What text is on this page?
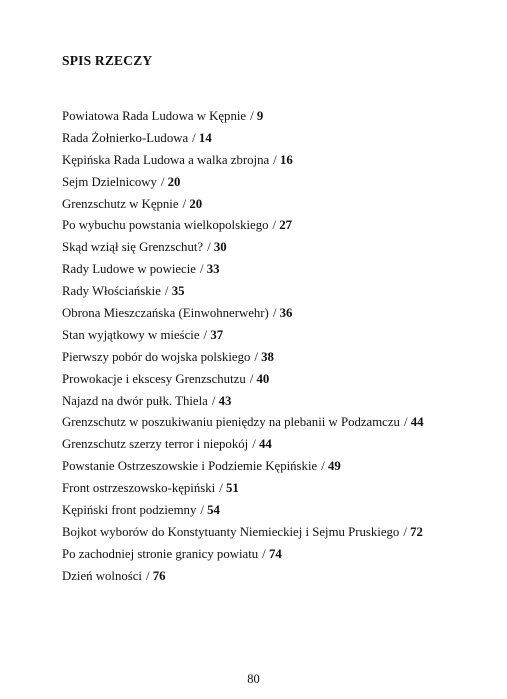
SPIS RZECZY
Powiatowa Rada Ludowa w Kępnie / 9
Rada Żołnierko-Ludowa / 14
Kępińska Rada Ludowa a walka zbrojna / 16
Sejm Dzielnicowy / 20
Grenzschutz w Kępnie / 20
Po wybuchu powstania wielkopolskiego / 27
Skąd wziął się Grenzschut? / 30
Rady Ludowe w powiecie / 33
Rady Włościańskie / 35
Obrona Mieszczańska (Einwohnerwehr) / 36
Stan wyjątkowy w mieście / 37
Pierwszy pobór do wojska polskiego / 38
Prowokacje i ekscesy Grenzschutzu / 40
Najazd na dwór pułk. Thiela / 43
Grenzschutz w poszukiwaniu pieniędzy na plebanii w Podzamczu / 44
Grenzschutz szerzy terror i niepokój / 44
Powstanie Ostrzeszowskie i Podziemie Kępińskie / 49
Front ostrzeszowsko-kępiński / 51
Kępiński front podziemny / 54
Bojkot wyborów do Konstytuanty Niemieckiej i Sejmu Pruskiego / 72
Po zachodniej stronie granicy powiatu / 74
Dzień wolności / 76
80
